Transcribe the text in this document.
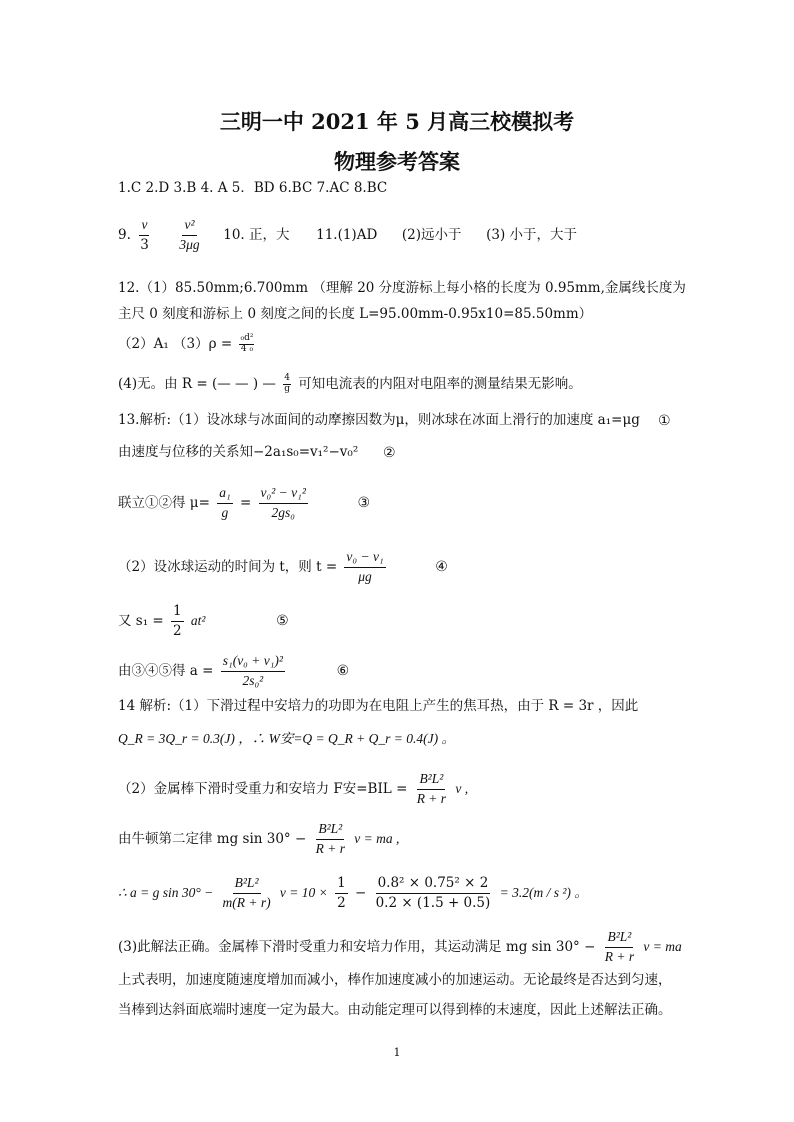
三明一中 2021 年 5 月高三校模拟考
物理参考答案
1.C 2.D 3.B 4. A 5．BD 6.BC 7.AC 8.BC
9. $\frac{v}{3}$
$\frac{\text{v²}}{3\mu g} 10$. 正，大 11.(1)AD (2)远小于 (3) 小于，大于
12.（1）85.50mm;6.700mm （理解 20 分度游标上每小格的长度为 0.95mm,金属线长度为
主尺 0 刻度和游标上 0 刻度之间的长度 L=95.00mm-0.95x10=85.50mm）
（2）A₁ $(3)\rho = \frac{\text{₀d²}}{\text{4 ₀}}$
(4)无。由 R = (— — ) — $\frac{4}{g}$ 可知电流表的内阻对电阻率的测量结果无影响。
13.解析:（1）设冰球与冰面间的动摩擦因数为μ，则冰球在冰面上滑行的加速度 a₁=μg ①
由速度与位移的关系知−2a₁s₀=v₁²−v₀² ②
联立①②得 $\mu= \frac{\text{a₁}}{g} = \frac{\text{v₀² − v₁²}}{\text{2gs₀}}$	③
（2）设冰球运动的时间为 t，则 $t = \frac{\text{v₀ − v₁}}{\mu g}$	④
又 $s_1 = \frac{1}{2} at^2$	⑤
由③④⑤得 $a = \frac{\text{s₁(v₀ + v₁)²}}{\text{2s₀²}}$	⑥
14 解析:（1）下滑过程中安培力的功即为在电阻上产生的焦耳热，由于 R = 3r ，因此
Q_R = 3Q_r = 0.3(J) ，∴ W安=Q = Q_R + Q_r = 0.4(J) 。
（2）金属棒下滑时受重力和安培力 F安$=BIL = \frac{\text{B²L²}}{R + r}$ v ,
由牛顿第二定律 mg $\sin 30^\circ - \frac{\text{B²L²}}{R + r}$ v = ma ,
∴ a = g $\sin 30^\circ - \frac{\text{B²L²}}{m(R + r)}$ $v = 10 \times \frac{1}{2} - \frac{\text{0.8² × 0.75² × 2}}{0.2 \times (1.5 + 0.5)} = 3.2(m / s$ ²) 。
(3)此解法正确。金属棒下滑时受重力和安培力作用，其运动满足 mg $\sin 30^\circ - \frac{\text{B²L²}}{R + r}$ v = ma
上式表明，加速度随速度增加而减小，棒作加速度减小的加速运动。无论最终是否达到匀速，
当棒到达斜面底端时速度一定为最大。由动能定理可以得到棒的末速度，因此上述解法正确。
1
